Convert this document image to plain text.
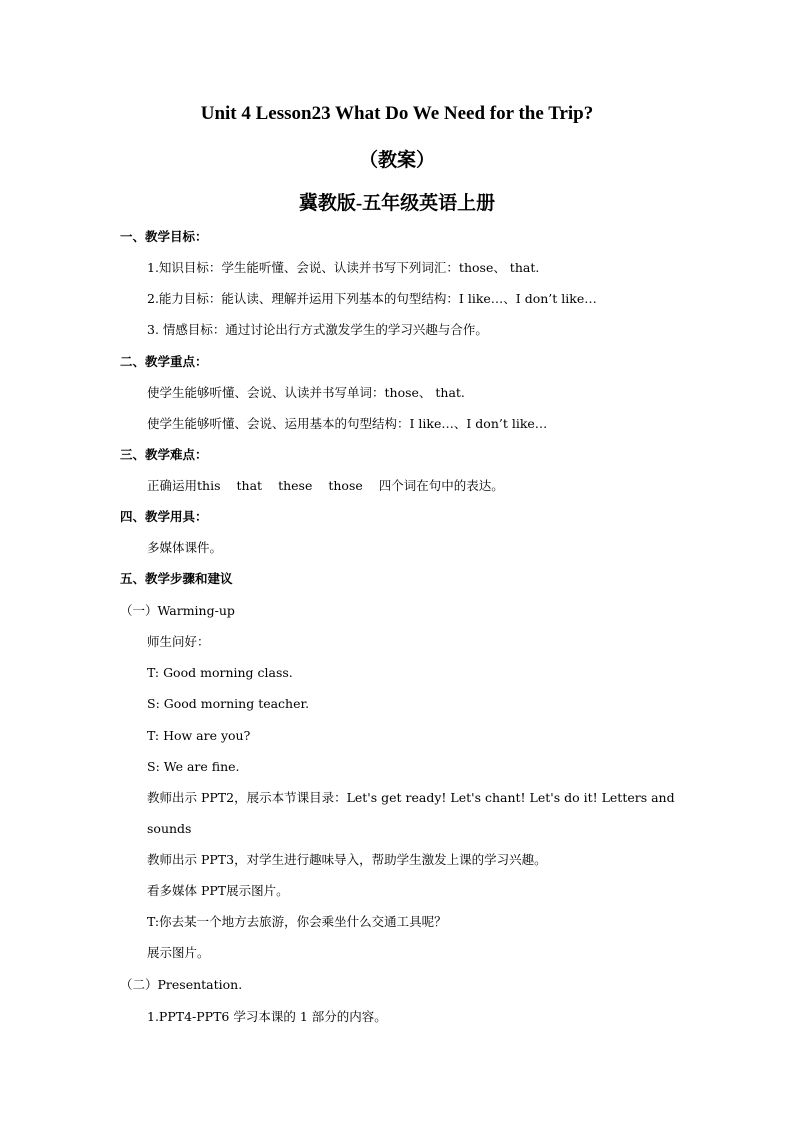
Unit 4 Lesson23 What Do We Need for the Trip?
（教案）
冀教版-五年级英语上册
一、教学目标：
1.知识目标：学生能听懂、会说、认读并书写下列词汇：those、 that.
2.能力目标：能认读、理解并运用下列基本的句型结构：I like…、I don’t like…
3. 情感目标：通过讨论出行方式激发学生的学习兴趣与合作。
二、教学重点：
使学生能够听懂、会说、认读并书写单词：those、 that.
使学生能够听懂、会说、运用基本的句型结构：I like…、I don’t like…
三、教学难点：
正确运用this that these those 四个词在句中的表达。
四、教学用具：
多媒体课件。
五、教学步骤和建议
（一）Warming-up
师生问好：
T: Good morning class.
S: Good morning teacher.
T: How are you?
S: We are fine.
教师出示 PPT2，展示本节课目录：Let's get ready! Let's chant! Let's do it! Letters and
sounds
教师出示 PPT3，对学生进行趣味导入，帮助学生激发上课的学习兴趣。
看多媒体 PPT展示图片。
T:你去某一个地方去旅游，你会乘坐什么交通工具呢？
展示图片。
（二）Presentation.
1.PPT4-PPT6 学习本课的 1 部分的内容。
